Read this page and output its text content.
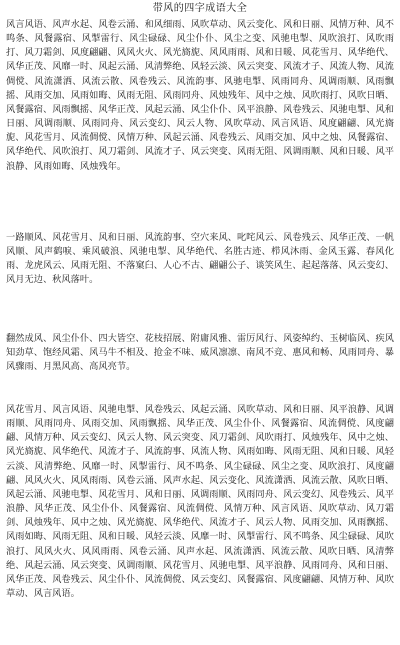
带风的四字成语大全

风言风语、风声水起、风卷云涌、和风细雨、风吹草动、风云变化、风和日丽、风情万种、风不鸣条、风餐露宿、风掣雷行、风尘碌碌、风尘仆仆、风尘之变、风驰电掣、风吹浪打、风吹雨打、风刀霜剑、风度翩翩、风风火火、风光旖旎、风风雨雨、风和日暖、风花雪月、风华绝代、风华正茂、风靡一时、风起云涌、风清弊绝、风轻云淡、风云突变、风流才子、风流人物、风流倜傥、风流潇洒、风流云散、风卷残云、风流韵事、风驰电掣、风雨同舟、风调雨顺、风雨飘摇、风雨交加、风雨如晦、风雨无阻、风雨同舟、风烛残年、风中之烛、风吹雨打、风吹日晒、风餐露宿、风雨飘摇、风华正茂、风起云涌、风尘仆仆、风平浪静、风卷残云、风驰电掣、风和日丽、风调雨顺、风雨同舟、风云变幻、风云人物、风吹草动、风言风语、风度翩翩、风光旖旎、风花雪月、风流倜傥、风情万种、风起云涌、风卷残云、风雨交加、风中之烛、风餐露宿、风华绝代、风吹浪打、风刀霜剑、风流才子、风云突变、风雨无阻、风调雨顺、风和日暖、风平浪静、风雨如晦、风烛残年。

一路顺风、风花雪月、风和日丽、风流韵事、空穴来风、叱咤风云、风卷残云、风华正茂、一帆风顺、风声鹤唳、乘风破浪、风驰电掣、风华绝代、名胜古迹、栉风沐雨、金风玉露、春风化雨、龙虎风云、风雨无阻、不落窠臼、人心不古、翩翩公子、谈笑风生、起起落落、风云变幻、风月无边、秋风落叶。

翻然成风、风尘仆仆、四大皆空、花枝招展、附庸风雅、雷厉风行、风姿绰约、玉树临风、疾风知劲草、饱经风霜、风马牛不相及、抢金不味、威风凛凛、南风不竞、惠风和畅、风雨同舟、暴风骤雨、月黑风高、高风亮节。

风花雪月、风言风语、风驰电掣、风卷残云、风起云涌、风吹草动、风和日丽、风平浪静、风调雨顺、风雨同舟、风雨交加、风雨飘摇、风华正茂、风尘仆仆、风餐露宿、风流倜傥、风度翩翩、风情万种、风云变幻、风云人物、风云突变、风刀霜剑、风吹雨打、风烛残年、风中之烛、风光旖旎、风华绝代、风流才子、风流韵事、风流人物、风雨如晦、风雨无阻、风和日暖、风轻云淡、风清弊绝、风靡一时、风掣雷行、风不鸣条、风尘碌碌、风尘之变、风吹浪打、风度翩翩、风风火火、风风雨雨、风卷云涌、风声水起、风云变化、风流潇洒、风流云散、风吹日晒、风起云涌、风驰电掣、风花雪月、风和日丽、风调雨顺、风雨同舟、风云变幻、风卷残云、风平浪静、风华正茂、风尘仆仆、风餐露宿、风流倜傥、风情万种、风言风语、风吹草动、风刀霜剑、风烛残年、风中之烛、风光旖旎、风华绝代、风流才子、风云人物、风雨交加、风雨飘摇、风雨如晦、风雨无阻、风和日暖、风轻云淡、风靡一时、风掣雷行、风不鸣条、风尘碌碌、风吹浪打、风风火火、风风雨雨、风卷云涌、风声水起、风流潇洒、风流云散、风吹日晒、风清弊绝、风起云涌、风云突变、风调雨顺、风花雪月、风驰电掣、风平浪静、风雨同舟、风和日丽、风华正茂、风卷残云、风尘仆仆、风流倜傥、风云变幻、风餐露宿、风度翩翩、风情万种、风吹草动、风言风语。
